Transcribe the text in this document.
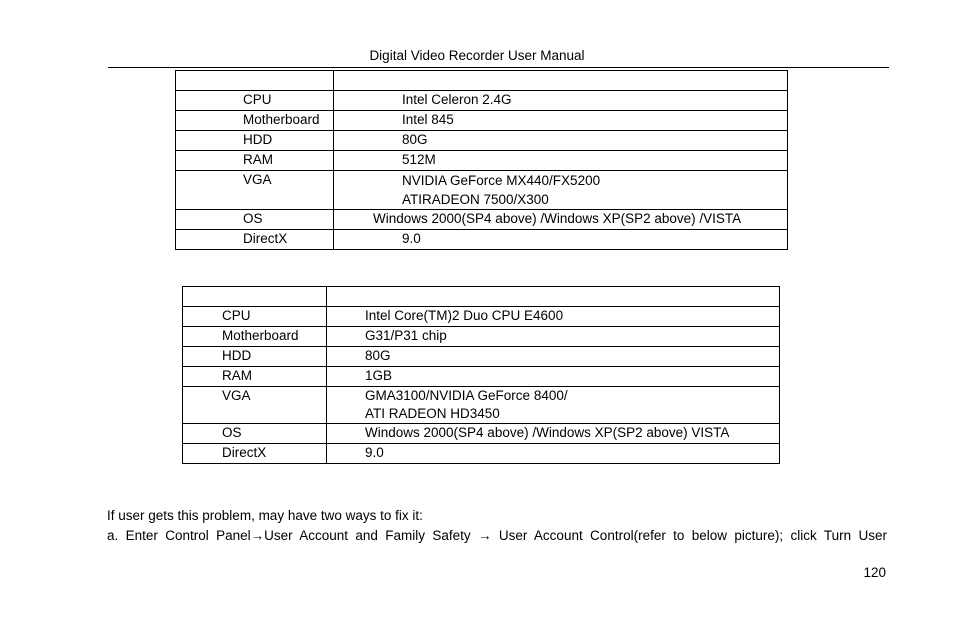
Digital Video Recorder User Manual

CPU	Intel Celeron 2.4G
Motherboard	Intel 845
HDD	80G
RAM	512M
VGA	NVIDIA GeForce MX440/FX5200
ATIRADEON 7500/X300

OS	Windows 2000(SP4 above) /Windows XP(SP2 above) /VISTA
DirectX	9.0

CPU	Intel Core(TM)2 Duo CPU E4600
Motherboard	G31/P31 chip
HDD	80G
RAM	1GB
VGA	GMA3100/NVIDIA GeForce 8400/
ATI RADEON HD3450

OS	Windows 2000(SP4 above) /Windows XP(SP2 above) VISTA
DirectX	9.0
If user gets this problem, may have two ways to fix it:
a. Enter Control Panel→User Account and Family Safety → User Account Control(refer to below picture); click Turn User
120
